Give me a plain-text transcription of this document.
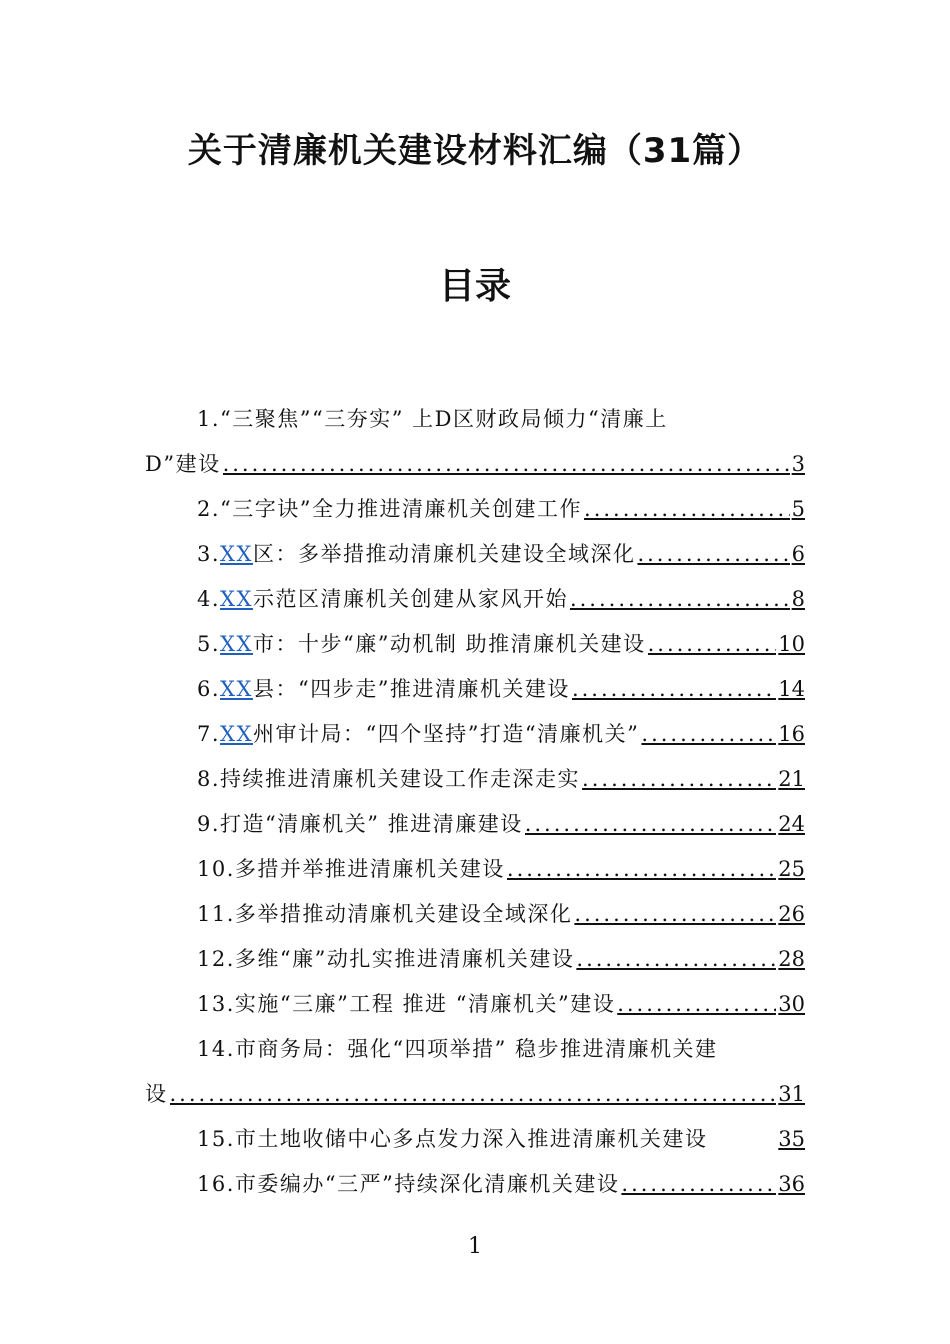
关于清廉机关建设材料汇编（31篇）
目录
1.“三聚焦”“三夯实” 上D区财政局倾力“清廉上
D”建设 .....	3
2.“三字诀”全力推进清廉机关创建工作 .....	5
3.XX区：多举措推动清廉机关建设全域深化 .....	6
4.XX示范区清廉机关创建从家风开始 .....	8
5.XX市：十步“廉”动机制 助推清廉机关建设 .....	10
6.XX县：“四步走”推进清廉机关建设 .....	14
7.XX州审计局：“四个坚持”打造“清廉机关” .....	16
8.持续推进清廉机关建设工作走深走实 .....	21
9.打造“清廉机关” 推进清廉建设 .....	24
10.多措并举推进清廉机关建设 .....	25
11.多举措推动清廉机关建设全域深化 .....	26
12.多维“廉”动扎实推进清廉机关建设 .....	28
13.实施“三廉”工程 推进 “清廉机关”建设 .....	30
14.市商务局：强化“四项举措” 稳步推进清廉机关建
设 .....	31
15.市土地收储中心多点发力深入推进清廉机关建设	35
16.市委编办“三严”持续深化清廉机关建设 .....	36
1
